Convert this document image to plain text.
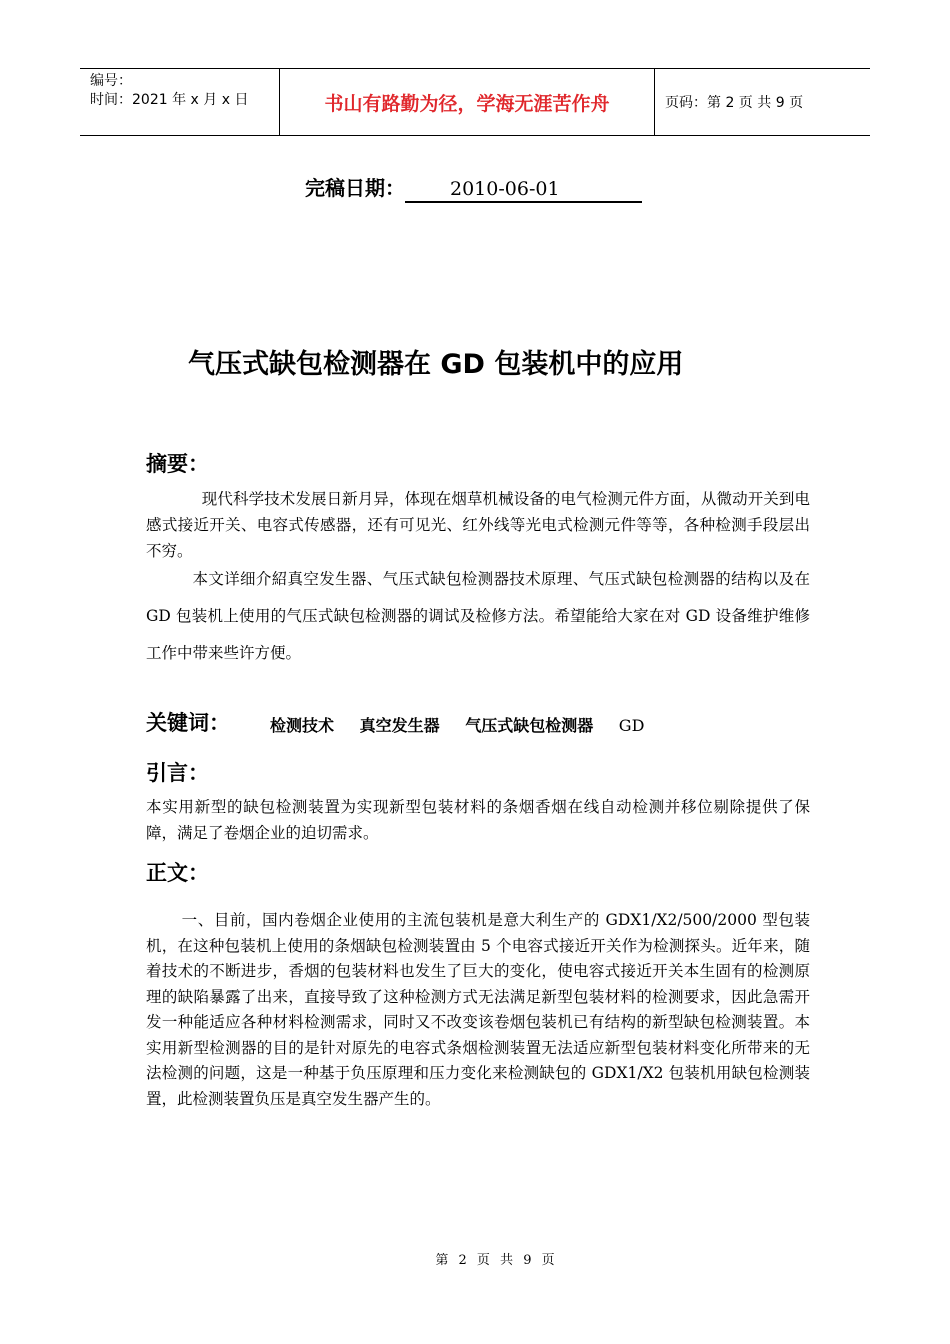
编号：
时间：2021 年 x 月 x 日	书山有路勤为径，学海无涯苦作舟	页码：第 2 页 共 9 页
完稿日期： 2010-06-01
气压式缺包检测器在 GD 包装机中的应用
摘要：

现代科学技术发展日新月异，体现在烟草机械设备的电气检测元件方面，从微动开关到电感式接近开关、电容式传感器，还有可见光、红外线等光电式检测元件等等，各种检测手段层出不穷。

本文详细介紹真空发生器、气压式缺包检测器技术原理、气压式缺包检测器的结构以及在 GD 包装机上使用的气压式缺包检测器的调试及检修方法。希望能给大家在对 GD 设备维护维修工作中带来些许方便。

关键词：	检测技术 真空发生器 气压式缺包检测器 GD
引言：

本实用新型的缺包检测装置为实现新型包装材料的条烟香烟在线自动检测并移位剔除提供了保障，满足了卷烟企业的迫切需求。

正文：

一、目前，国内卷烟企业使用的主流包装机是意大利生产的 GDX1/X2/500/2000 型包装机，在这种包装机上使用的条烟缺包检测装置由 5 个电容式接近开关作为检测探头。近年来，随着技术的不断进步，香烟的包装材料也发生了巨大的变化，使电容式接近开关本生固有的检测原理的缺陷暴露了出来，直接导致了这种检测方式无法满足新型包装材料的检测要求，因此急需开发一种能适应各种材料检测需求，同时又不改变该卷烟包装机已有结构的新型缺包检测装置。本实用新型检测器的目的是针对原先的电容式条烟检测装置无法适应新型包装材料变化所带来的无法检测的问题，这是一种基于负压原理和压力变化来检测缺包的 GDX1/X2 包装机用缺包检测装置，此检测装置负压是真空发生器产生的。

第 2 页 共 9 页
